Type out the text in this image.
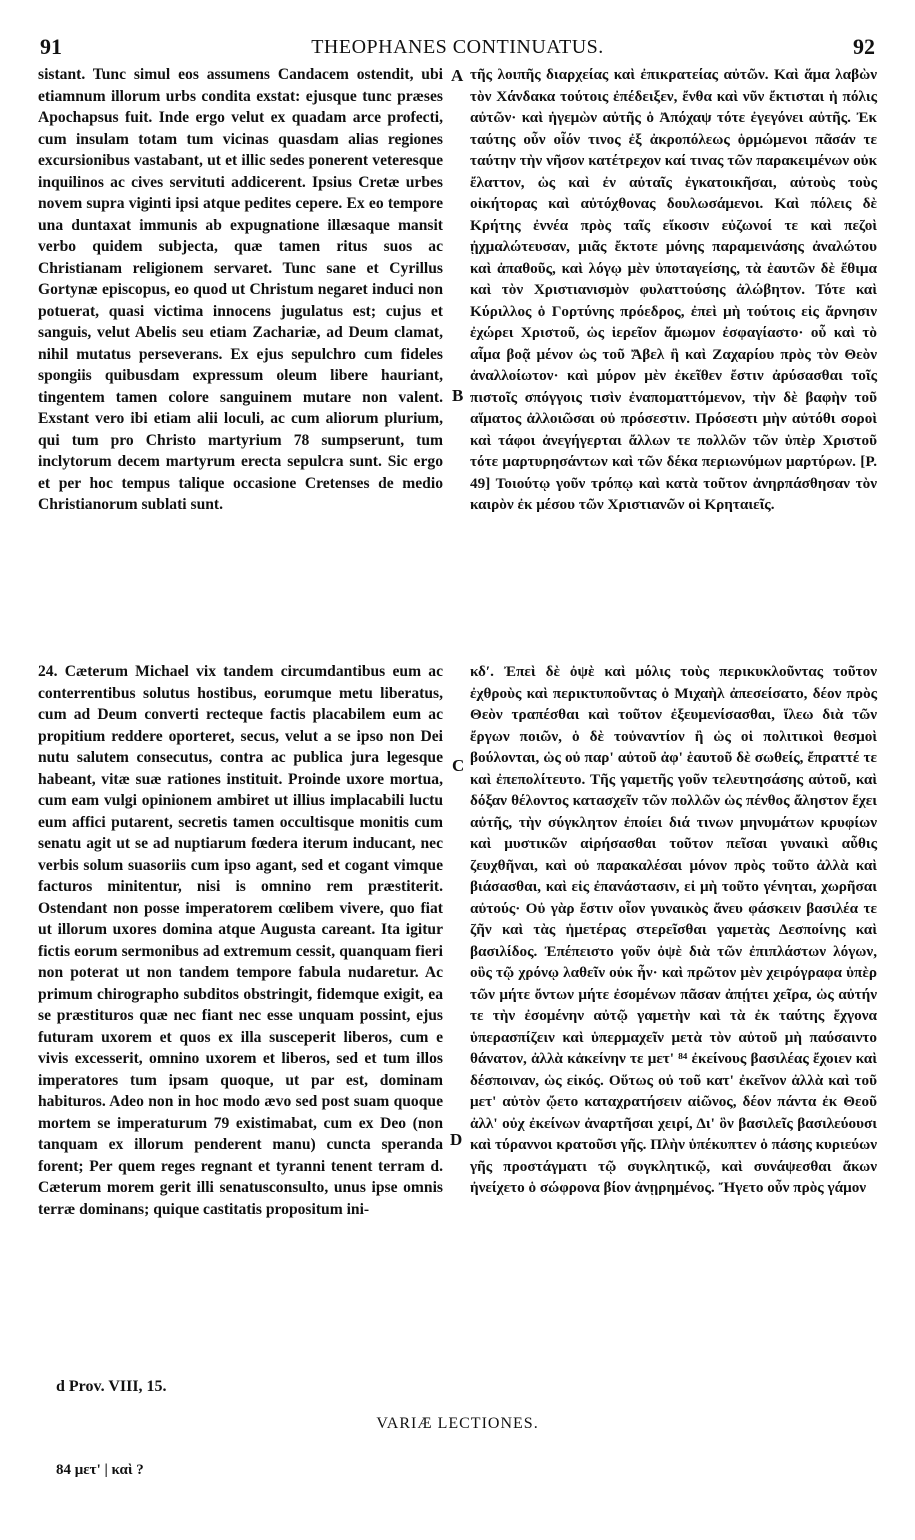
91	THEOPHANES CONTINUATUS.	92

sistant. Tunc simul eos assumens Candacem ostendit, ubi etiamnum illorum urbs condita exstat: ejusque tunc præses Apochapsus fuit. Inde ergo velut ex quadam arce profecti, cum insulam totam tum vicinas quasdam alias regiones excursionibus vastabant, ut et illic sedes ponerent veteresque inquilinos ac cives servituti addicerent. Ipsius Cretæ urbes novem supra viginti ipsi atque pedites cepere. Ex eo tempore una duntaxat immunis ab expugnatione illæsaque mansit verbo quidem subjecta, quæ tamen ritus suos ac Christianam religionem servaret. Tunc sane et Cyrillus Gortynæ episcopus, eo quod ut Christum negaret induci non potuerat, quasi victima innocens jugulatus est; cujus et sanguis, velut Abelis seu etiam Zachariæ, ad Deum clamat, nihil mutatus perseverans. Ex ejus sepulchro cum fideles spongiis quibusdam expressum oleum libere hauriant, tingentem tamen colore sanguinem mutare non valent. Exstant vero ibi etiam alii loculi, ac cum aliorum plurium, qui tum pro Christo martyrium 78 sumpserunt, tum inclytorum decem martyrum erecta sepulcra sunt. Sic ergo et per hoc tempus talique occasione Cretenses de medio Christianorum sublati sunt.

24. Cæterum Michael vix tandem circumdantibus eum ac conterrentibus solutus hostibus, eorumque metu liberatus, cum ad Deum converti recteque factis placabilem eum ac propitium reddere oporteret, secus, velut a se ipso non Dei nutu salutem consecutus, contra ac publica jura legesque habeant, vitæ suæ rationes instituit. Proinde uxore mortua, cum eam vulgi opinionem ambiret ut illius implacabili luctu eum affici putarent, secretis tamen occultisque monitis cum senatu agit ut se ad nuptiarum fœdera iterum inducant, nec verbis solum suasoriis cum ipso agant, sed et cogant vimque facturos minitentur, nisi is omnino rem præstiterit. Ostendant non posse imperatorem cœlibem vivere, quo fiat ut illorum uxores domina atque Augusta careant. Ita igitur fictis eorum sermonibus ad extremum cessit, quanquam fieri non poterat ut non tandem tempore fabula nudaretur. Ac primum chirographo subditos obstringit, fidemque exigit, ea se præstituros quæ nec fiant nec esse unquam possint, ejus futuram uxorem et quos ex illa susceperit liberos, cum e vivis excesserit, omnino uxorem et liberos, sed et tum illos imperatores tum ipsam quoque, ut par est, dominam habituros. Adeo non in hoc modo ævo sed post suam quoque mortem se imperaturum 79 existimabat, cum ex Deo (non tanquam ex illorum penderent manu) cuncta speranda forent; Per quem reges regnant et tyranni tenent terram d. Cæterum morem gerit illi senatusconsulto, unus ipse omnis terræ dominans; quique castitatis propositum ini-

τῆς λοιπῆς διαρχείας καὶ ἐπικρατείας αὐτῶν. Καὶ ἅμα λαβὼν τὸν Χάνδακα τούτοις ἐπέδειξεν, ἔνθα καὶ νῦν ἔκτισται ἡ πόλις αὐτῶν· καὶ ἡγεμὼν αὐτῆς ὁ Ἀπόχαψ τότε ἐγεγόνει αὐτῆς. Ἐκ ταύτης οὖν οἷόν τινος ἐξ ἀκροπόλεως ὁρμώμενοι πᾶσάν τε ταύτην τὴν νῆσον κατέτρεχον καί τινας τῶν παρακειμένων οὐκ ἔλαττον, ὡς καὶ ἐν αὐταῖς ἐγκατοικῆσαι, αὐτοὺς τοὺς οἰκήτορας καὶ αὐτόχθονας δουλωσάμενοι. Καὶ πόλεις δὲ Κρήτης ἐννέα πρὸς ταῖς εἴκοσιν εὐζωνοί τε καὶ πεζοὶ ᾐχμαλώτευσαν, μιᾶς ἔκτοτε μόνης παραμεινάσης ἀναλώτου καὶ ἀπαθοῦς, καὶ λόγῳ μὲν ὑποταγείσης, τὰ ἑαυτῶν δὲ ἔθιμα καὶ τὸν Χριστιανισμὸν φυλαττούσης ἀλώβητον. Τότε καὶ Κύριλλος ὁ Γορτύνης πρόεδρος, ἐπεὶ μὴ τούτοις εἰς ἄρνησιν ἐχώρει Χριστοῦ, ὡς ἱερεῖον ἄμωμον ἐσφαγίαστο· οὗ καὶ τὸ αἷμα βοᾷ μένον ὡς τοῦ Ἄβελ ἢ καὶ Ζαχαρίου πρὸς τὸν Θεὸν ἀναλλοίωτον· καὶ μύρον μὲν ἐκεῖθεν ἔστιν ἀρύσασθαι τοῖς πιστοῖς σπόγγοις τισὶν ἐναποματτόμενον, τὴν δὲ βαφὴν τοῦ αἵματος ἀλλοιῶσαι οὐ πρόσεστιν. Πρόσεστι μὴν αὐτόθι σοροὶ καὶ τάφοι ἀνεγήγερται ἄλλων τε πολλῶν τῶν ὑπὲρ Χριστοῦ τότε μαρτυρησάντων καὶ τῶν δέκα περιωνύμων μαρτύρων. [P. 49] Τοιούτῳ γοῦν τρόπῳ καὶ κατὰ τοῦτον ἀνηρπάσθησαν τὸν καιρὸν ἐκ μέσου τῶν Χριστιανῶν οἱ Κρηταιεῖς.

κδʹ. Ἐπεὶ δὲ ὀψὲ καὶ μόλις τοὺς περικυκλοῦντας τοῦτον ἐχθροὺς καὶ περικτυποῦντας ὁ Μιχαὴλ ἀπεσείσατο, δέον πρὸς Θεὸν τραπέσθαι καὶ τοῦτον ἐξευμενίσασθαι, ἵλεω διὰ τῶν ἔργων ποιῶν, ὁ δὲ τοὐναντίον ἢ ὡς οἱ πολιτικοὶ θεσμοὶ βούλονται, ὡς οὐ παρ' αὐτοῦ ἀφ' ἑαυτοῦ δὲ σωθείς, ἔπραττέ τε καὶ ἐπεπολίτευτο. Τῆς γαμετῆς γοῦν τελευτησάσης αὐτοῦ, καὶ δόξαν θέλοντος κατασχεῖν τῶν πολλῶν ὡς πένθος ἄληστον ἔχει αὐτῆς, τὴν σύγκλητον ἐποίει διά τινων μηνυμάτων κρυφίων καὶ μυστικῶν αἱρήσασθαι τοῦτον πεῖσαι γυναικὶ αὖθις ζευχθῆναι, καὶ οὐ παρακαλέσαι μόνον πρὸς τοῦτο ἀλλὰ καὶ βιάσασθαι, καὶ εἰς ἐπανάστασιν, εἰ μὴ τοῦτο γένηται, χωρῆσαι αὐτούς· Οὐ γὰρ ἔστιν οἷον γυναικὸς ἄνευ φάσκειν βασιλέα τε ζῆν καὶ τὰς ἡμετέρας στερεῖσθαι γαμετὰς Δεσποίνης καὶ βασιλίδος. Ἐπέπειστο γοῦν ὀψὲ διὰ τῶν ἐπιπλάστων λόγων, οὓς τῷ χρόνῳ λαθεῖν οὐκ ἦν· καὶ πρῶτον μὲν χειρόγραφα ὑπὲρ τῶν μήτε ὄντων μήτε ἐσομένων πᾶσαν ἀπῄτει χεῖρα, ὡς αὐτήν τε τὴν ἐσομένην αὐτῷ γαμετὴν καὶ τὰ ἐκ ταύτης ἔχγονα ὑπερασπίζειν καὶ ὑπερμαχεῖν μετὰ τὸν αὐτοῦ μὴ παύσαιντο θάνατον, ἀλλὰ κἀκείνην τε μετ' ⁸⁴ ἐκείνους βασιλέας ἔχοιεν καὶ δέσποιναν, ὡς εἰκός. Οὕτως οὐ τοῦ κατ' ἐκεῖνον ἀλλὰ καὶ τοῦ μετ' αὐτὸν ᾤετο καταχρατήσειν αἰῶνος, δέον πάντα ἐκ Θεοῦ ἀλλ' οὐχ ἐκείνων ἀναρτῆσαι χειρί, Δι' ὃν βασιλεῖς βασιλεύουσι καὶ τύραννοι κρατοῦσι γῆς. Πλὴν ὑπέκυπτεν ὁ πάσης κυριεύων γῆς προστάγματι τῷ συγκλητικῷ, καὶ συνάψεσθαι ἄκων ἠνείχετο ὁ σώφρονα βίον ἀνῃρημένος. Ἤγετο οὖν πρὸς γάμον

A
B
C
D
d Prov. VIII, 15.
VARIÆ LECTIONES.
84 μετ' | καὶ ?
